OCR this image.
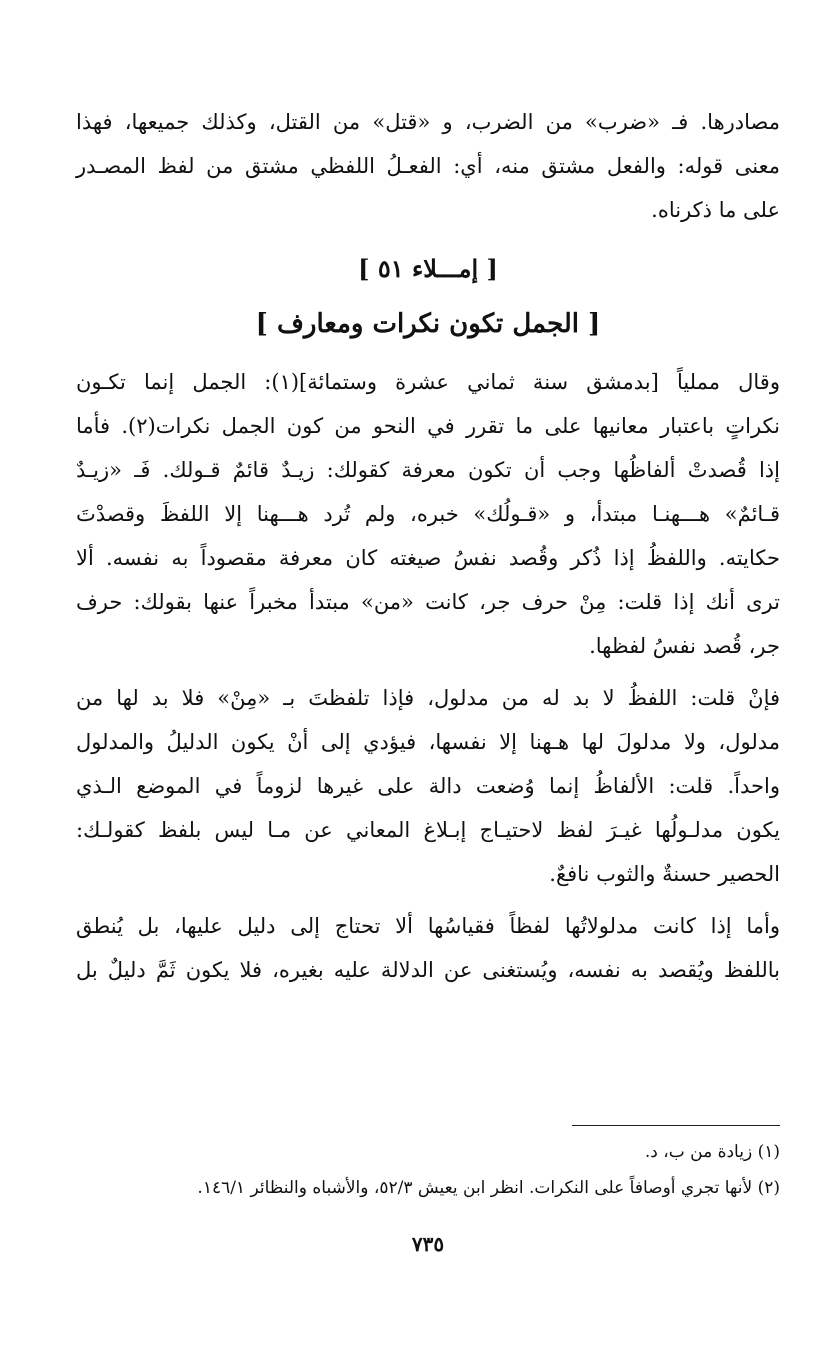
مصادرها. فـ «ضرب» من الضرب، و «قتل» من القتل، وكذلك جميعها، فهذا
معنى قوله: والفعل مشتق منه، أي: الفعـلُ اللفظي مشتق من لفظ المصـدر
على ما ذكرناه.
[ إمـــلاء ٥١ ]
[ الجمل تكون نكرات ومعارف ]
وقال مملياً [بدمشق سنة ثماني عشرة وستمائة](١): الجمل إنما تكـون
نكراتٍ باعتبار معانيها على ما تقرر في النحو من كون الجمل نكرات(٢). فأما
إذا قُصدتْ ألفاظُها وجب أن تكون معرفة كقولك: زيـدٌ قائمٌ قـولك. فَـ «زيـدٌ
قـائمٌ» هـــهنـا مبتدأ، و «قـولُك» خبره، ولم تُرد هـــهنا إلا اللفظَ وقصدْتَ
حكايته. واللفظُ إذا ذُكر وقُصد نفسُ صيغته كان معرفة مقصوداً به نفسه. ألا
ترى أنك إذا قلت: مِنْ حرف جر، كانت «من» مبتدأ مخبراً عنها بقولك: حرف
جر، قُصد نفسُ لفظها.
فإنْ قلت: اللفظُ لا بد له من مدلول، فإذا تلفظتَ بـ «مِنْ» فلا بد لها من
مدلول، ولا مدلولَ لها هـهنا إلا نفسها، فيؤدي إلى أنْ يكون الدليلُ والمدلول
واحداً. قلت: الألفاظُ إنما وُضعت دالة على غيرها لزوماً في الموضع الـذي
يكون مدلـولُها غيـرَ لفظ لاحتيـاج إبـلاغ المعاني عن مـا ليس بلفظ كقولـك:
الحصير حسنةٌ والثوب نافعٌ.
وأما إذا كانت مدلولاتُها لفظاً فقياسُها ألا تحتاج إلى دليل عليها، بل يُنطق
باللفظ ويُقصد به نفسه، ويُستغنى عن الدلالة عليه بغيره، فلا يكون ثَمَّ دليلٌ بل
(١) زيادة من ب، د.
(٢) لأنها تجري أوصافاً على النكرات. انظر ابن يعيش ٥٢/٣، والأشباه والنظائر ١٤٦/١.
٧٣٥
